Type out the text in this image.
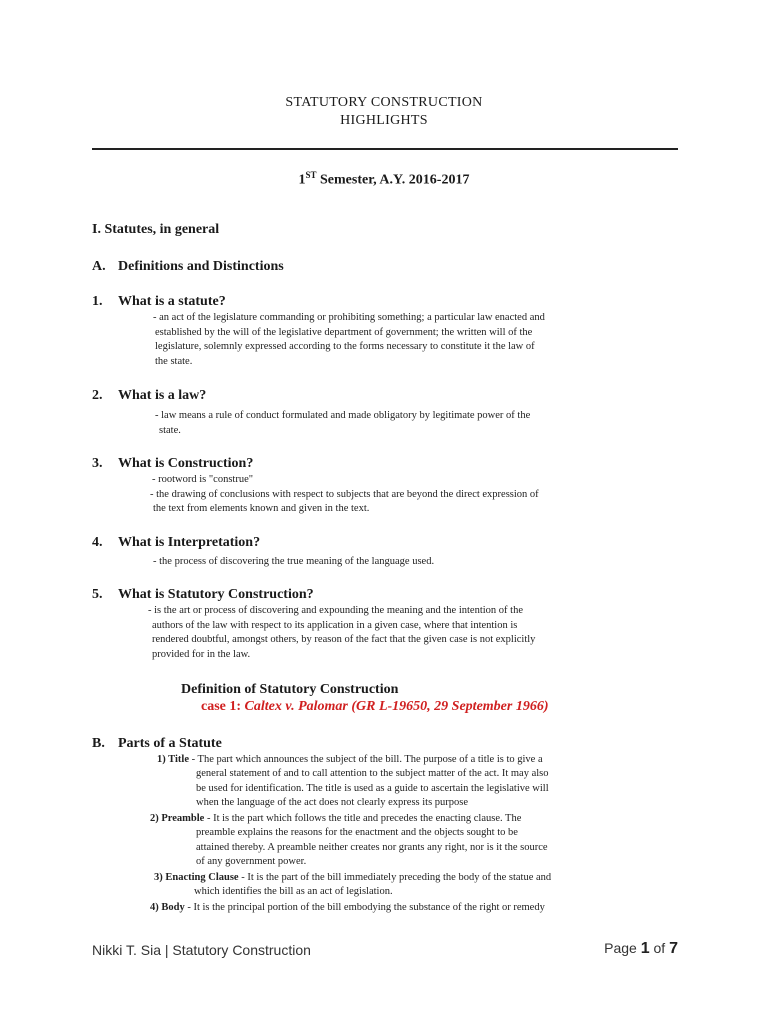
STATUTORY CONSTRUCTION
HIGHLIGHTS
1ST Semester, A.Y. 2016-2017
I. Statutes, in general
A. Definitions and Distinctions
1. What is a statute?
- an act of the legislature commanding or prohibiting something; a particular law enacted and
established by the will of the legislative department of government; the written will of the
legislature, solemnly expressed according to the forms necessary to constitute it the law of
the state.
2. What is a law?
- law means a rule of conduct formulated and made obligatory by legitimate power of the
state.
3. What is Construction?
- rootword is "construe"
- the drawing of conclusions with respect to subjects that are beyond the direct expression of
the text from elements known and given in the text.
4. What is Interpretation?
- the process of discovering the true meaning of the language used.
5. What is Statutory Construction?
- is the art or process of discovering and expounding the meaning and the intention of the
authors of the law with respect to its application in a given case, where that intention is
rendered doubtful, amongst others, by reason of the fact that the given case is not explicitly
provided for in the law.
Definition of Statutory Construction
case 1: Caltex v. Palomar (GR L-19650, 29 September 1966)
B. Parts of a Statute
1) Title - The part which announces the subject of the bill. The purpose of a title is to give a
general statement of and to call attention to the subject matter of the act. It may also
be used for identification. The title is used as a guide to ascertain the legislative will
when the language of the act does not clearly express its purpose
2) Preamble - It is the part which follows the title and precedes the enacting clause. The
preamble explains the reasons for the enactment and the objects sought to be
attained thereby. A preamble neither creates nor grants any right, nor is it the source
of any government power.
3) Enacting Clause - It is the part of the bill immediately preceding the body of the statue and
which identifies the bill as an act of legislation.
4) Body - It is the principal portion of the bill embodying the substance of the right or remedy
Nikki T. Sia | Statutory Construction	Page 1 of 7
